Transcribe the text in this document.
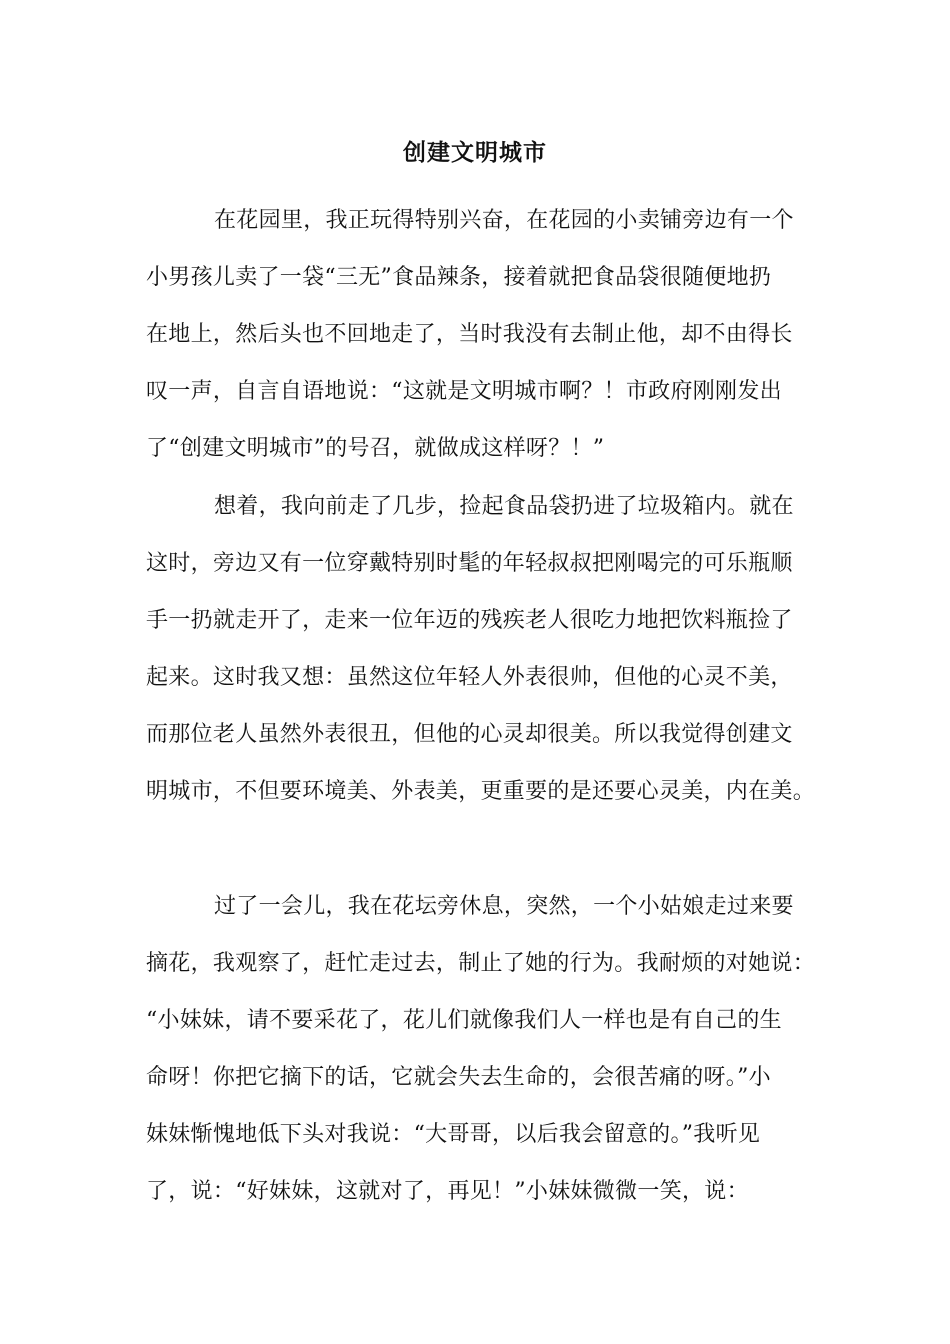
创建文明城市
在花园里，我正玩得特别兴奋，在花园的小卖铺旁边有一个
小男孩儿卖了一袋“三无”食品辣条，接着就把食品袋很随便地扔
在地上，然后头也不回地走了，当时我没有去制止他，却不由得长
叹一声，自言自语地说：“这就是文明城市啊？！市政府刚刚发出
了“创建文明城市”的号召，就做成这样呀？！”
想着，我向前走了几步，捡起食品袋扔进了垃圾箱内。就在
这时，旁边又有一位穿戴特别时髦的年轻叔叔把刚喝完的可乐瓶顺
手一扔就走开了，走来一位年迈的残疾老人很吃力地把饮料瓶捡了
起来。这时我又想：虽然这位年轻人外表很帅，但他的心灵不美，
而那位老人虽然外表很丑，但他的心灵却很美。所以我觉得创建文
明城市，不但要环境美、外表美，更重要的是还要心灵美，内在美。
过了一会儿，我在花坛旁休息，突然，一个小姑娘走过来要
摘花，我观察了，赶忙走过去，制止了她的行为。我耐烦的对她说：
“小妹妹，请不要采花了，花儿们就像我们人一样也是有自己的生
命呀！你把它摘下的话，它就会失去生命的，会很苦痛的呀。”小
妹妹惭愧地低下头对我说：“大哥哥，以后我会留意的。”我听见
了，说：“好妹妹，这就对了，再见！”小妹妹微微一笑，说：
